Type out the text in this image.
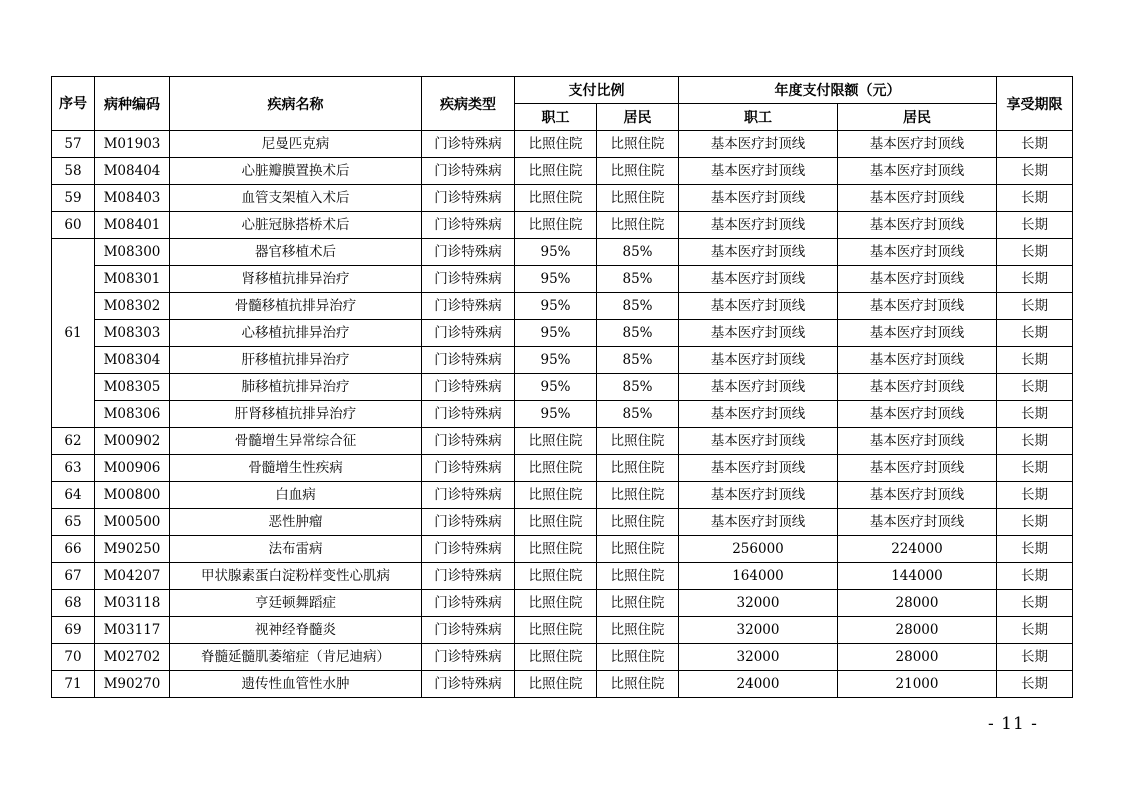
序号	病种编码	疾病名称	疾病类型	支付比例		年度支付限额（元）		享受期限
				职工	居民	职工	居民	
57	M01903	尼曼匹克病	门诊特殊病	比照住院	比照住院	基本医疗封顶线	基本医疗封顶线	长期
58	M08404	心脏瓣膜置换术后	门诊特殊病	比照住院	比照住院	基本医疗封顶线	基本医疗封顶线	长期
59	M08403	血管支架植入术后	门诊特殊病	比照住院	比照住院	基本医疗封顶线	基本医疗封顶线	长期
60	M08401	心脏冠脉搭桥术后	门诊特殊病	比照住院	比照住院	基本医疗封顶线	基本医疗封顶线	长期
61	M08300	器官移植术后	门诊特殊病	95%	85%	基本医疗封顶线	基本医疗封顶线	长期
	M08301	肾移植抗排异治疗	门诊特殊病	95%	85%	基本医疗封顶线	基本医疗封顶线	长期
	M08302	骨髓移植抗排异治疗	门诊特殊病	95%	85%	基本医疗封顶线	基本医疗封顶线	长期
	M08303	心移植抗排异治疗	门诊特殊病	95%	85%	基本医疗封顶线	基本医疗封顶线	长期
	M08304	肝移植抗排异治疗	门诊特殊病	95%	85%	基本医疗封顶线	基本医疗封顶线	长期
	M08305	肺移植抗排异治疗	门诊特殊病	95%	85%	基本医疗封顶线	基本医疗封顶线	长期
	M08306	肝肾移植抗排异治疗	门诊特殊病	95%	85%	基本医疗封顶线	基本医疗封顶线	长期
62	M00902	骨髓增生异常综合征	门诊特殊病	比照住院	比照住院	基本医疗封顶线	基本医疗封顶线	长期
63	M00906	骨髓增生性疾病	门诊特殊病	比照住院	比照住院	基本医疗封顶线	基本医疗封顶线	长期
64	M00800	白血病	门诊特殊病	比照住院	比照住院	基本医疗封顶线	基本医疗封顶线	长期
65	M00500	恶性肿瘤	门诊特殊病	比照住院	比照住院	基本医疗封顶线	基本医疗封顶线	长期
66	M90250	法布雷病	门诊特殊病	比照住院	比照住院	256000	224000	长期
67	M04207	甲状腺素蛋白淀粉样变性心肌病	门诊特殊病	比照住院	比照住院	164000	144000	长期
68	M03118	亨廷顿舞蹈症	门诊特殊病	比照住院	比照住院	32000	28000	长期
69	M03117	视神经脊髓炎	门诊特殊病	比照住院	比照住院	32000	28000	长期
70	M02702	脊髓延髓肌萎缩症（肯尼迪病）	门诊特殊病	比照住院	比照住院	32000	28000	长期
71	M90270	遗传性血管性水肿	门诊特殊病	比照住院	比照住院	24000	21000	长期
- 11 -
